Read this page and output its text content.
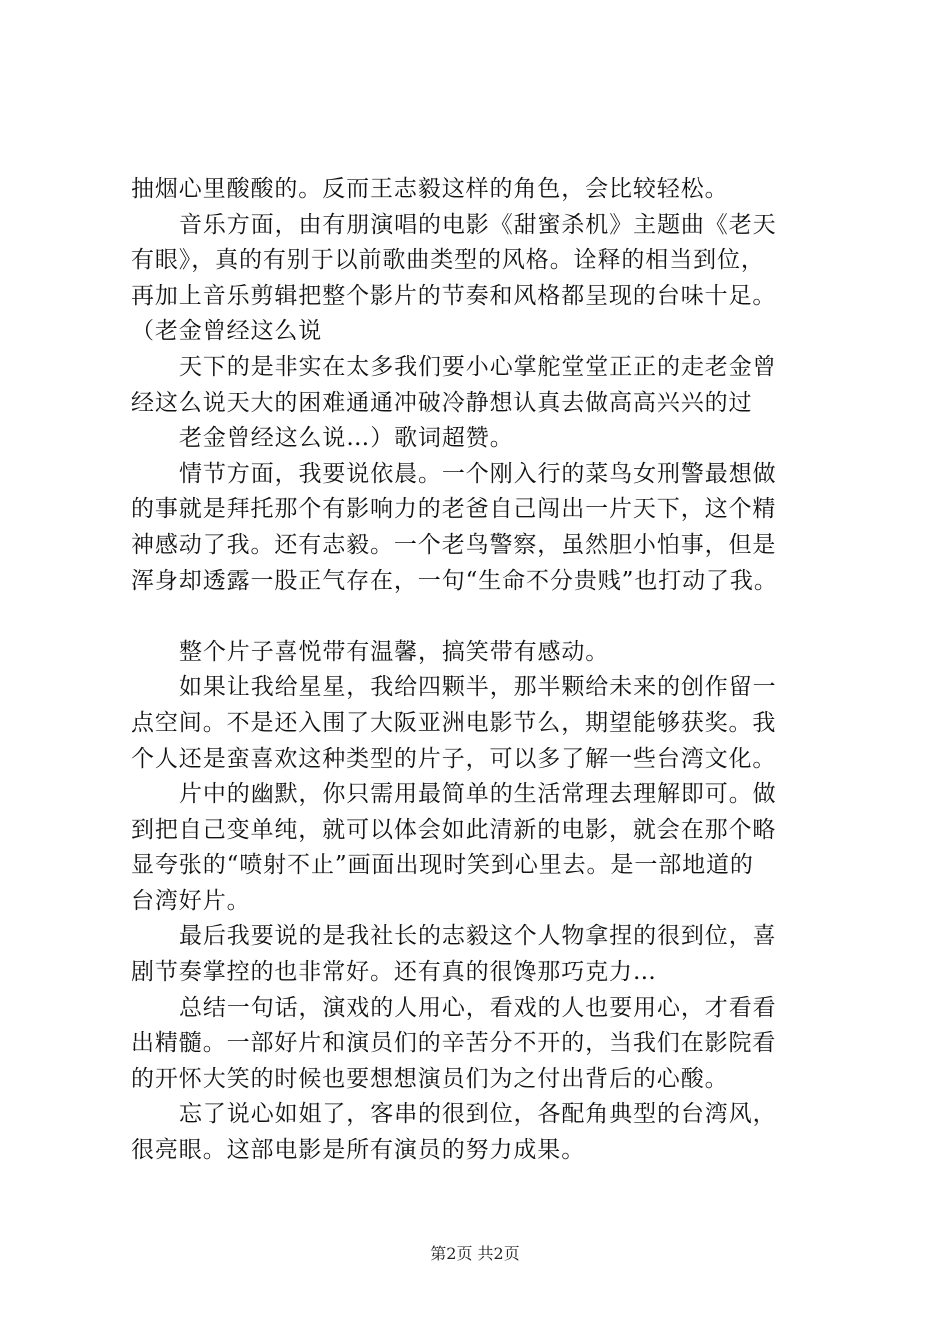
抽烟心里酸酸的。反而王志毅这样的角色，会比较轻松。
音乐方面，由有朋演唱的电影《甜蜜杀机》主题曲《老天
有眼》，真的有别于以前歌曲类型的风格。诠释的相当到位，
再加上音乐剪辑把整个影片的节奏和风格都呈现的台味十足。
（老金曾经这么说
天下的是非实在太多我们要小心掌舵堂堂正正的走老金曾
经这么说天大的困难通通冲破冷静想认真去做高高兴兴的过
老金曾经这么说…）歌词超赞。
情节方面，我要说依晨。一个刚入行的菜鸟女刑警最想做
的事就是拜托那个有影响力的老爸自己闯出一片天下，这个精
神感动了我。还有志毅。一个老鸟警察，虽然胆小怕事，但是
浑身却透露一股正气存在，一句“生命不分贵贱”也打动了我。
整个片子喜悦带有温馨，搞笑带有感动。
如果让我给星星，我给四颗半，那半颗给未来的创作留一
点空间。不是还入围了大阪亚洲电影节么，期望能够获奖。我
个人还是蛮喜欢这种类型的片子，可以多了解一些台湾文化。
片中的幽默，你只需用最简单的生活常理去理解即可。做
到把自己变单纯，就可以体会如此清新的电影，就会在那个略
显夸张的“喷射不止”画面出现时笑到心里去。是一部地道的
台湾好片。
最后我要说的是我社长的志毅这个人物拿捏的很到位，喜
剧节奏掌控的也非常好。还有真的很馋那巧克力…
总结一句话，演戏的人用心，看戏的人也要用心，才看看
出精髓。一部好片和演员们的辛苦分不开的，当我们在影院看
的开怀大笑的时候也要想想演员们为之付出背后的心酸。
忘了说心如姐了，客串的很到位，各配角典型的台湾风，
很亮眼。这部电影是所有演员的努力成果。
第2页 共2页
